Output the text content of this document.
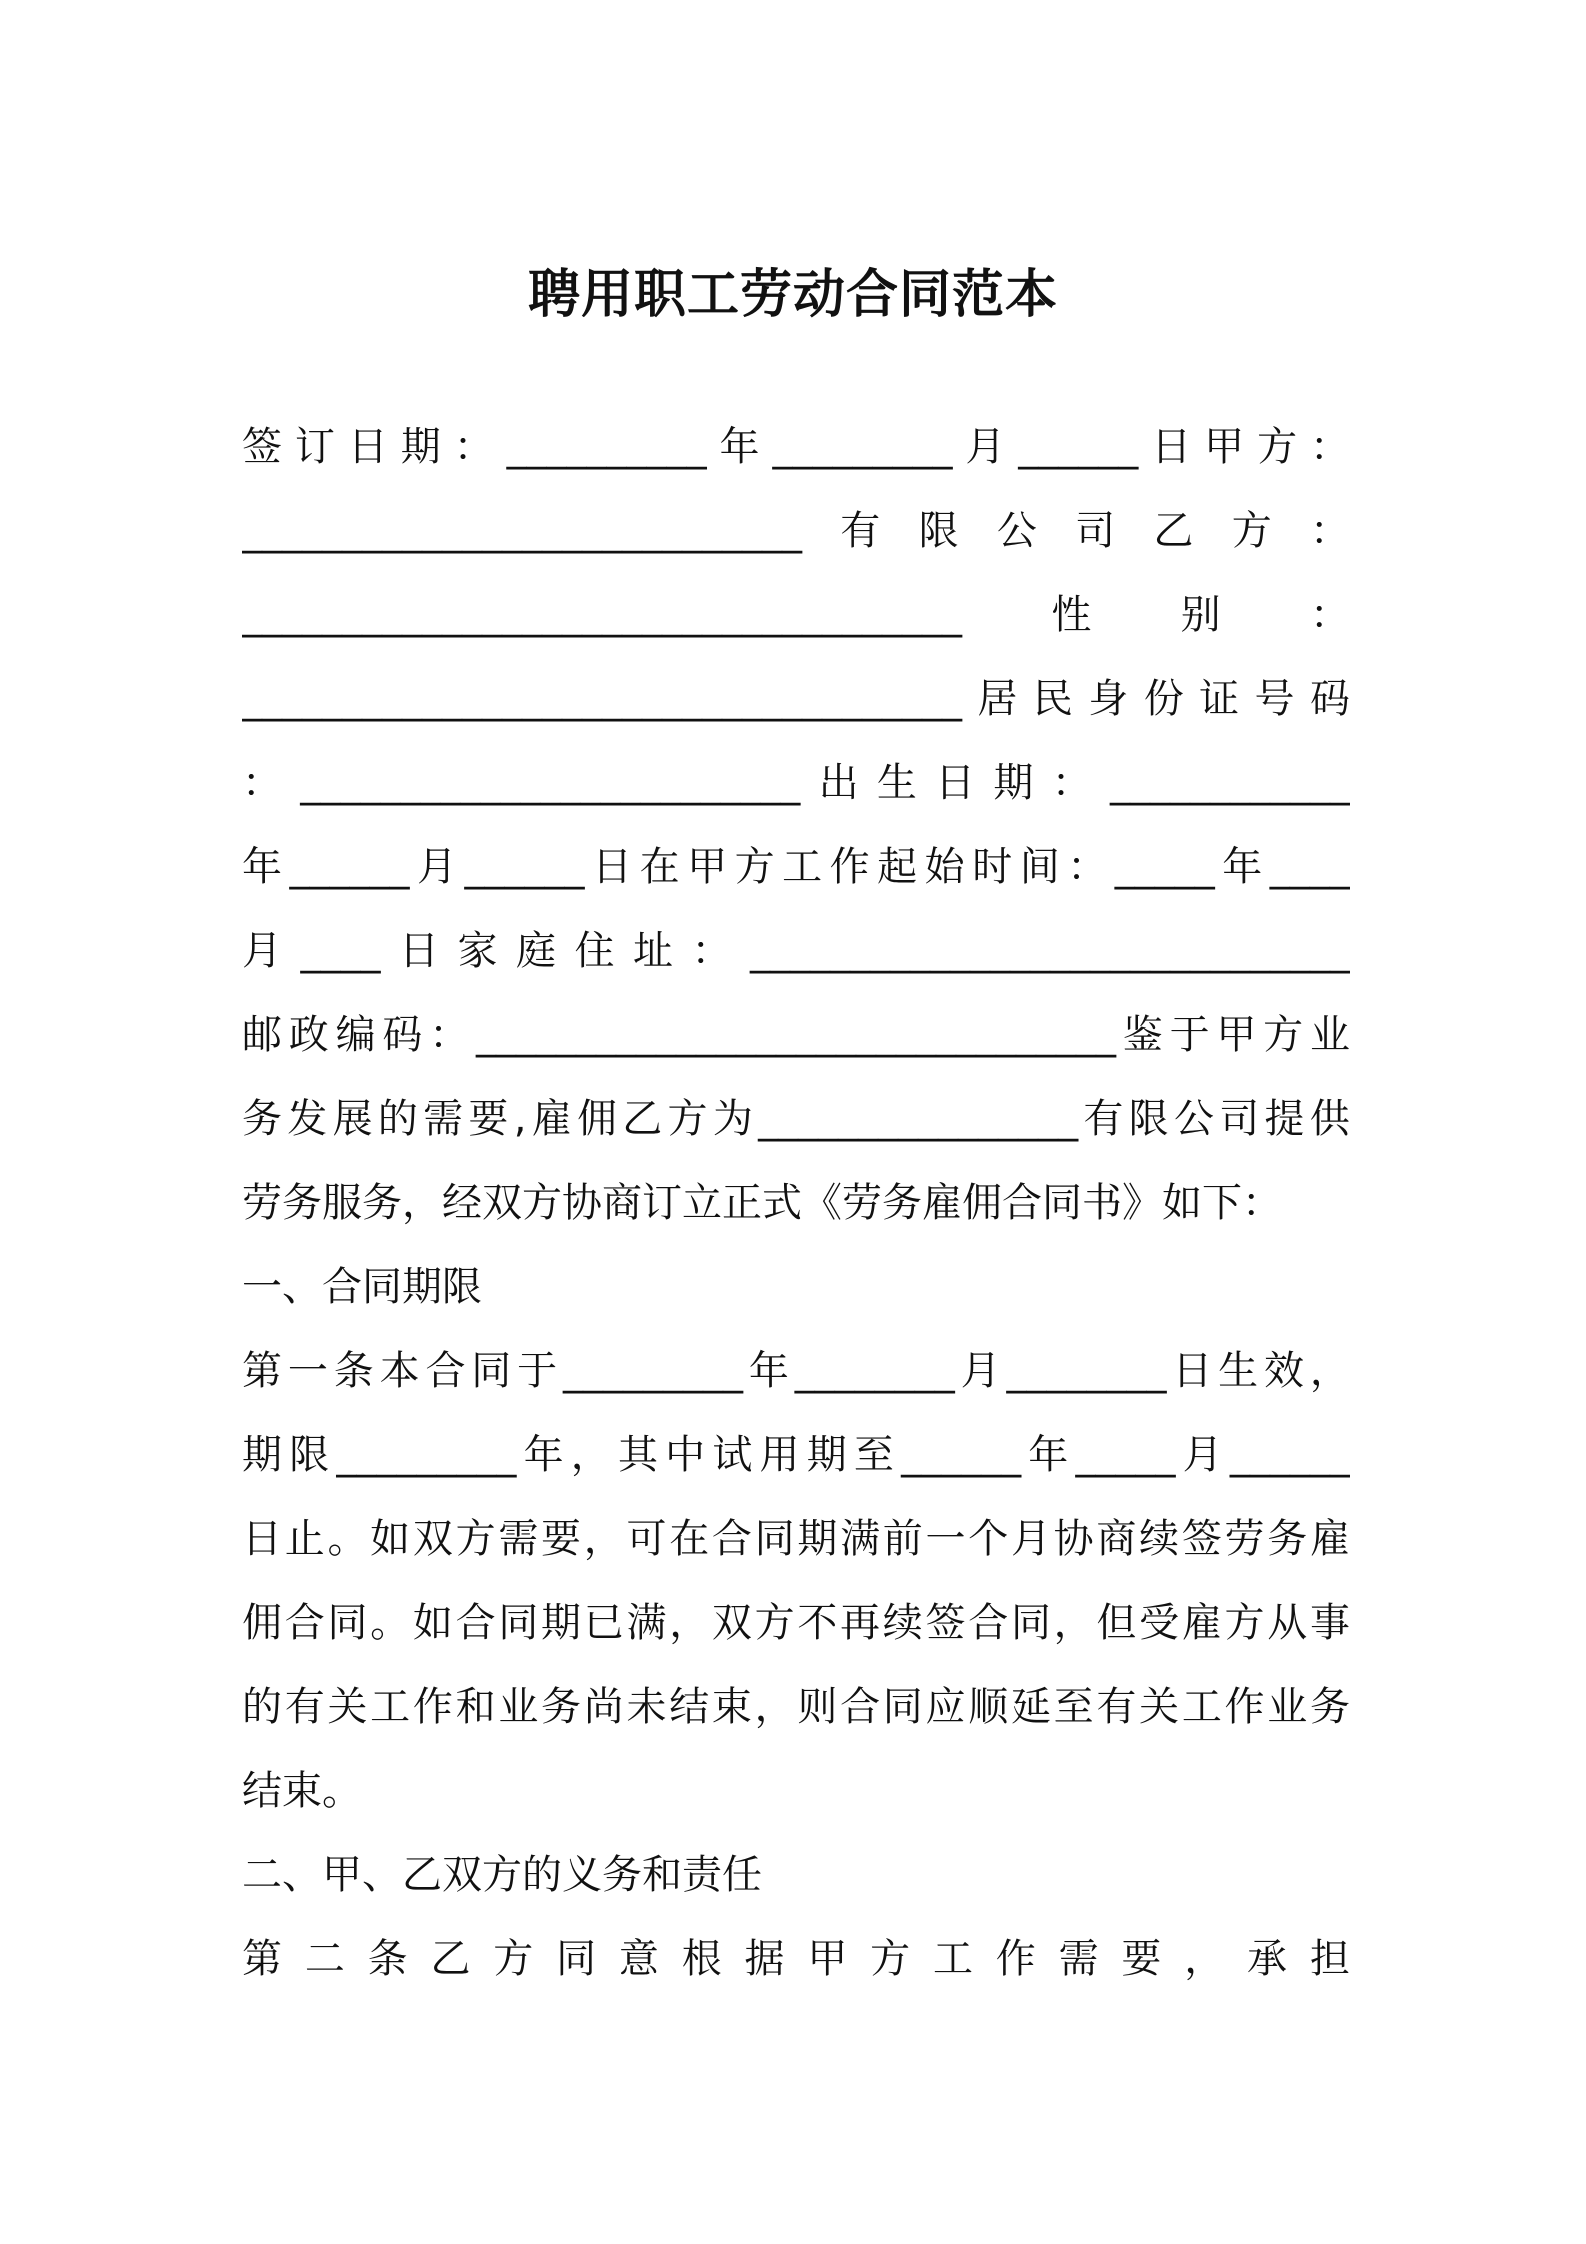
聘用职工劳动合同范本
签 订 日 期 ： __________ 年 _________ 月 ______ 日 甲 方 ：
____________________________ 有 限 公 司 乙 方 ：
____________________________________ 性 别 ：
____________________________________ 居 民 身 份 证 号 码
： _________________________ 出 生 日 期 ： ____________
年 ______ 月 ______ 日 在 甲 方 工 作 起 始 时 间 ： _____ 年 ____
月 ____ 日 家 庭 住 址 ： ______________________________
邮 政 编 码 ： ________________________________ 鉴 于 甲 方 业
务 发 展 的 需 要 , 雇 佣 乙 方 为 ________________ 有 限 公 司 提 供
劳务服务，经双方协商订立正式《劳务雇佣合同书》如下：
一、合同期限
第 一 条 本 合 同 于 _________ 年 ________ 月 ________ 日 生 效 ，
期 限 _________ 年 ， 其 中 试 用 期 至 ______ 年 _____ 月 ______
日 止 。 如 双 方 需 要 ， 可 在 合 同 期 满 前 一 个 月 协 商 续 签 劳 务 雇
佣 合 同 。 如 合 同 期 已 满 ， 双 方 不 再 续 签 合 同 ， 但 受 雇 方 从 事
的 有 关 工 作 和 业 务 尚 未 结 束 ， 则 合 同 应 顺 延 至 有 关 工 作 业 务
结束。
二、甲、乙双方的义务和责任
第 二 条 乙 方 同 意 根 据 甲 方 工 作 需 要 ， 承 担
